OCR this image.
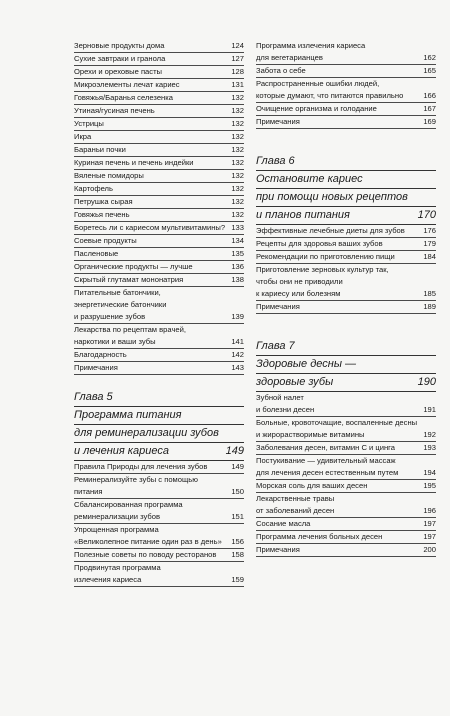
Зерновые продукты дома	124
Сухие завтраки и гранола	127
Орехи и ореховые пасты	128
Микроэлементы лечат кариес	131
Говяжья/Баранья селезенка	132
Утиная/гусиная печень	132
Устрицы	132
Икра	132
Бараньи почки	132
Куриная печень и печень индейки	132
Вяленые помидоры	132
Картофель	132
Петрушка сырая	132
Говяжья печень	132
Боретесь ли с кариесом мультивитамины? 133
Соевые продукты	134
Пасленовые	135
Органические продукты — лучше	136
Скрытый глутамат мононатрия	138
Питательные батончики,
энергетические батончики
и разрушение зубов	139
Лекарства по рецептам врачей,
наркотики и ваши зубы	141
Благодарность	142
Примечания	143
Глава 5
Программа питания
для реминерализации зубов
и лечения кариеса	149
Правила Природы для лечения зубов	149
Реминерализуйте зубы с помощью питания	150
Сбалансированная программа
реминерализации зубов	151
Упрощенная программа
«Великолепное питание один раз в день»	156
Полезные советы по поводу ресторанов	158
Продвинутая программа
излечения кариеса	159
Программа излечения кариеса
для вегетарианцев	162
Забота о себе	165
Распространенные ошибки людей,
которые думают, что питаются правильно	166
Очищение организма и голодание	167
Примечания	169
Глава 6
Остановите кариес
при помощи новых рецептов
и планов питания	170
Эффективные лечебные диеты для зубов	176
Рецепты для здоровья ваших зубов	179
Рекомендации по приготовлению пищи	184
Приготовление зерновых культур так,
чтобы они не приводили
к кариесу или болезням	185
Примечания	189
Глава 7
Здоровые десны —
здоровые зубы	190
Зубной налет
и болезни десен	191
Больные, кровоточащие, воспаленные десны
и жирорастворимые витамины	192
Заболевания десен, витамин С и цинга	193
Постукивание — удивительный массаж
для лечения десен естественным путем	194
Морская соль для ваших десен	195
Лекарственные травы
от заболеваний десен	196
Сосание масла	197
Программа лечения больных десен	197
Примечания	200
